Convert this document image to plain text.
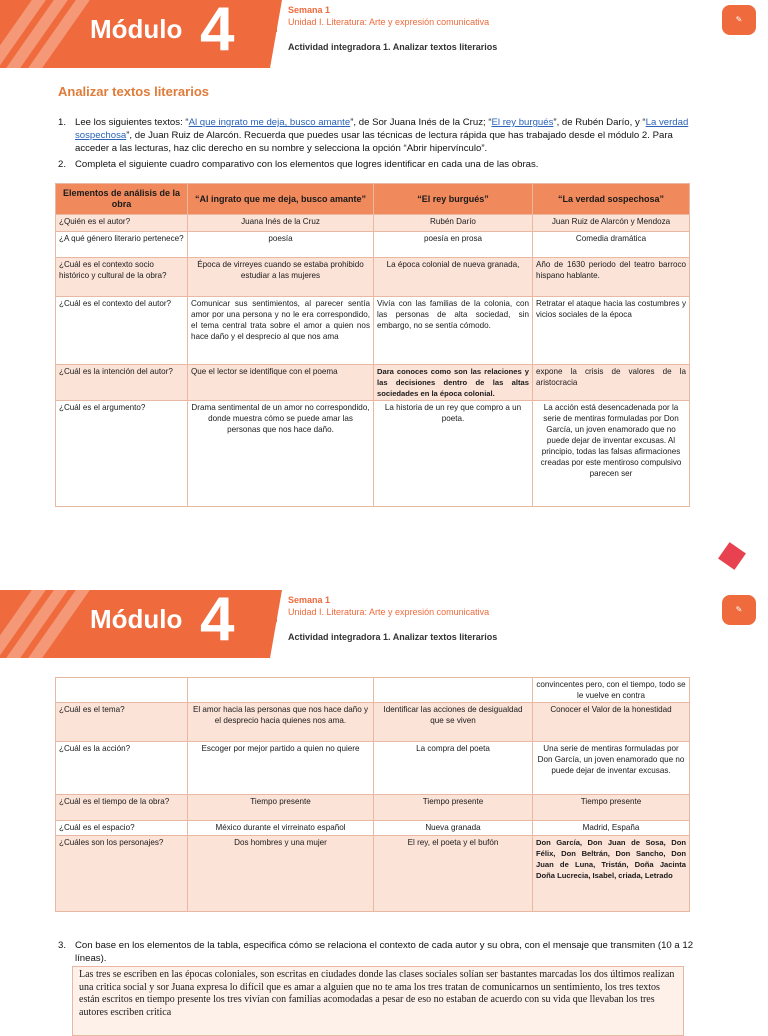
Módulo 4	Semana 1
Unidad I. Literatura: Arte y expresión comunicativa
Actividad integradora 1. Analizar textos literarios
✎
Analizar textos literarios
1. Lee los siguientes textos: “Al que ingrato me deja, busco amante”, de Sor Juana Inés de la Cruz; “El rey burgués”, de Rubén Darío, y “La verdad sospechosa”, de Juan Ruiz de Alarcón. Recuerda que puedes usar las técnicas de lectura rápida que has trabajado desde el módulo 2. Para acceder a las lecturas, haz clic derecho en su nombre y selecciona la opción “Abrir hipervínculo”.
2. Completa el siguiente cuadro comparativo con los elementos que logres identificar en cada una de las obras.
Elementos de análisis de la obra	“Al ingrato que me deja, busco amante”	“El rey burgués”	“La verdad sospechosa”
¿Quién es el autor?	Juana Inés de la Cruz	Rubén Darío	Juan Ruiz de Alarcón y Mendoza
¿A qué género literario pertenece?	poesía	poesía en prosa	Comedia dramática
¿Cuál es el contexto socio histórico y cultural de la obra?	Época de virreyes cuando se estaba prohibido estudiar a las mujeres	La época colonial de nueva granada,	Año de 1630 periodo del teatro barroco hispano hablante.
¿Cuál es el contexto del autor?	Comunicar sus sentimientos, al parecer sentía amor por una persona y no le era correspondido, el tema central trata sobre el amor a quien nos hace daño y el desprecio al que nos ama	Vivía con las familias de la colonia, con las personas de alta sociedad, sin embargo, no se sentía cómodo.	Retratar el ataque hacia las costumbres y vicios sociales de la época
¿Cuál es la intención del autor?	Que el lector se identifique con el poema	Dara conoces como son las relaciones y las decisiones dentro de las altas sociedades en la época colonial.	expone la crisis de valores de la aristocracia
¿Cuál es el argumento?	Drama sentimental de un amor no correspondido, donde muestra cómo se puede amar las personas que nos hace daño.	La historia de un rey que compro a un poeta.	La acción está desencadenada por la serie de mentiras formuladas por Don García, un joven enamorado que no puede dejar de inventar excusas. Al principio, todas las falsas afirmaciones creadas por este mentiroso compulsivo parecen ser
Módulo 4	Semana 1
Unidad I. Literatura: Arte y expresión comunicativa
Actividad integradora 1. Analizar textos literarios
✎
			convincentes pero, con el tiempo, todo se le vuelve en contra
¿Cuál es el tema?	El amor hacia las personas que nos hace daño y el desprecio hacia quienes nos ama.	Identificar las acciones de desigualdad que se viven	Conocer el Valor de la honestidad
¿Cuál es la acción?	Escoger por mejor partido a quien no quiere	La compra del poeta	Una serie de mentiras formuladas por Don García, un joven enamorado que no puede dejar de inventar excusas.
¿Cuál es el tiempo de la obra?	Tiempo presente	Tiempo presente	Tiempo presente
¿Cuál es el espacio?	México durante el virreinato español	Nueva granada	Madrid, España
¿Cuáles son los personajes?	Dos hombres y una mujer	El rey, el poeta y el bufón	Don García, Don Juan de Sosa, Don Félix, Don Beltrán, Don Sancho, Don Juan de Luna, Tristán, Doña Jacinta Doña Lucrecia, Isabel, criada, Letrado
3. Con base en los elementos de la tabla, especifica cómo se relaciona el contexto de cada autor y su obra, con el mensaje que transmiten (10 a 12 líneas).
Las tres se escriben en las épocas coloniales, son escritas en ciudades donde las clases sociales solían ser bastantes marcadas los dos últimos realizan una critica social y sor Juana expresa lo difícil que es amar a alguien que no te ama los tres tratan de comunicarnos un sentimiento, los tres textos están escritos en tiempo presente los tres vivían con familias acomodadas a pesar de eso no estaban de acuerdo con su vida que llevaban los tres autores escriben critica
